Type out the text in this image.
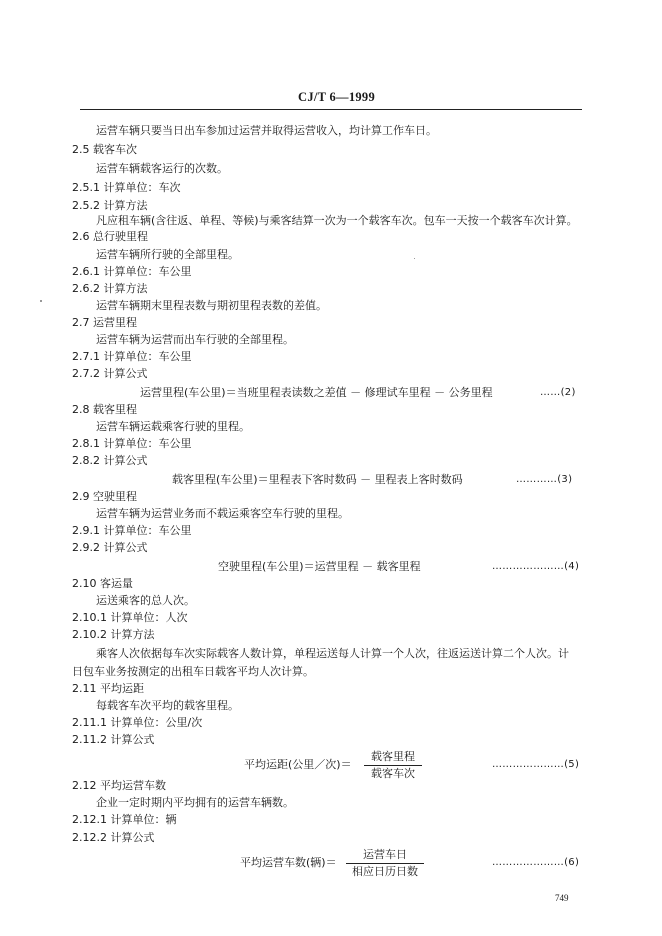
CJ/T 6—1999
运营车辆只要当日出车参加过运营并取得运营收入，均计算工作车日。
2.5 载客车次
运营车辆载客运行的次数。
2.5.1 计算单位：车次
2.5.2 计算方法
凡应租车辆(含往返、单程、等候)与乘客结算一次为一个载客车次。包车一天按一个载客车次计算。
2.6 总行驶里程
运营车辆所行驶的全部里程。
2.6.1 计算单位：车公里
2.6.2 计算方法
运营车辆期末里程表数与期初里程表数的差值。
2.7 运营里程
运营车辆为运营而出车行驶的全部里程。
2.7.1 计算单位：车公里
2.7.2 计算公式
运营里程(车公里)＝当班里程表读数之差值 － 修理试车里程 － 公务里程	……(2)
2.8 载客里程
运营车辆运载乘客行驶的里程。
2.8.1 计算单位：车公里
2.8.2 计算公式
载客里程(车公里)＝里程表下客时数码 － 里程表上客时数码	…………(3)
2.9 空驶里程
运营车辆为运营业务而不载运乘客空车行驶的里程。
2.9.1 计算单位：车公里
2.9.2 计算公式
空驶里程(车公里)＝运营里程 － 载客里程	…………………(4)
2.10 客运量
运送乘客的总人次。
2.10.1 计算单位：人次
2.10.2 计算方法
乘客人次依据每车次实际载客人数计算，单程运送每人计算一个人次，往返运送计算二个人次。计
日包车业务按测定的出租车日载客平均人次计算。
2.11 平均运距
每载客车次平均的载客里程。
2.11.1 计算单位：公里/次
2.11.2 计算公式
平均运距(公里／次)＝
载客里程
载客车次
…………………(5)
2.12 平均运营车数
企业一定时期内平均拥有的运营车辆数。
2.12.1 计算单位：辆
2.12.2 计算公式
平均运营车数(辆)＝
运营车日
相应日历日数
…………………(6)
749
